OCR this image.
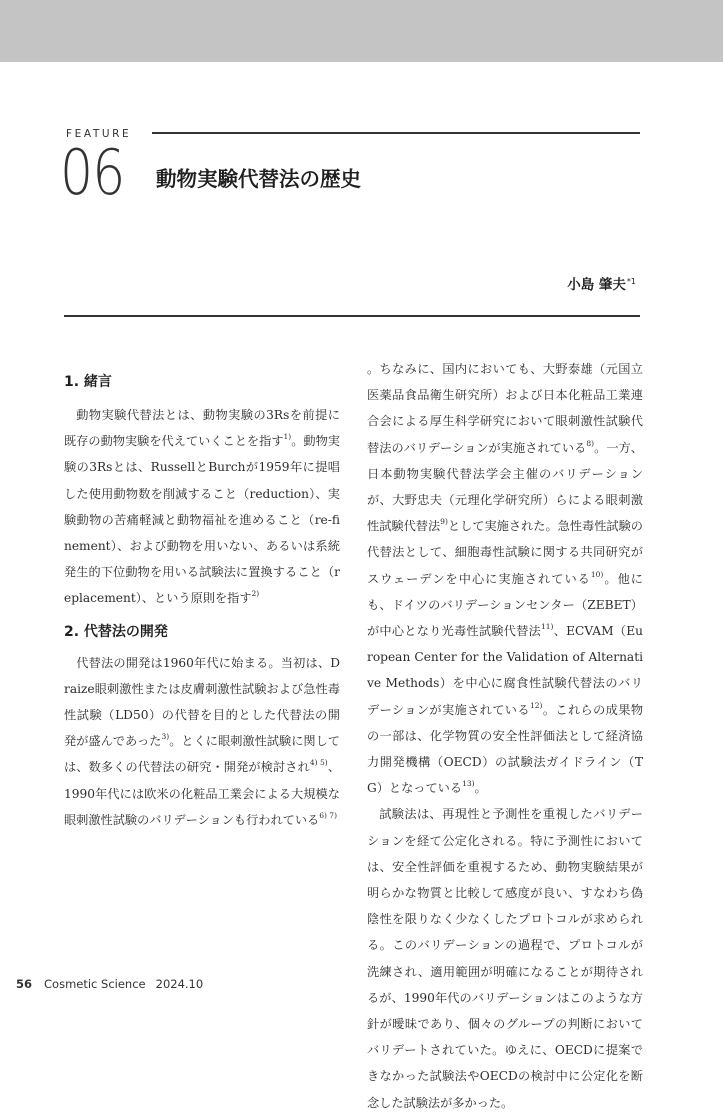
FEATURE
06 動物実験代替法の歴史
小島 肇夫$^{*1}$
1. 緒言

動物実験代替法とは、動物実験の3Rsを前提に既存の動物実験を代えていくことを指す$^{1)}$。動物実験の3Rsとは、RussellとBurchが1959年に提唱した使用動物数を削減すること（reduction）、実験動物の苦痛軽減と動物福祉を進めること（re-finement）、および動物を用いない、あるいは系統発生的下位動物を用いる試験法に置換すること（replacement）、という原則を指す$^{2)}$

2. 代替法の開発

代替法の開発は1960年代に始まる。当初は、Draize眼刺激性または皮膚刺激性試験および急性毒性試験（LD50）の代替を目的とした代替法の開発が盛んであった$^{3)}$。とくに眼刺激性試験に関しては、数多くの代替法の研究・開発が検討され$^{4) 5)}$、1990年代には欧米の化粧品工業会による大規模な眼刺激性試験のバリデーションも行われている$^{6) 7)}$

。ちなみに、国内においても、大野泰雄（元国立医薬品食品衛生研究所）および日本化粧品工業連合会による厚生科学研究において眼刺激性試験代替法のバリデーションが実施されている$^{8)}$。一方、日本動物実験代替法学会主催のバリデーションが、大野忠夫（元理化学研究所）らによる眼刺激性試験代替法$^{9)}$として実施された。急性毒性試験の代替法として、細胞毒性試験に関する共同研究がスウェーデンを中心に実施されている$^{10)}$。他にも、ドイツのバリデーションセンター（ZEBET）が中心となり光毒性試験代替法$^{11)}$、ECVAM（European Center for the Validation of Alternative Methods）を中心に腐食性試験代替法のバリデーションが実施されている$^{12)}$。これらの成果物の一部は、化学物質の安全性評価法として経済協力開発機構（OECD）の試験法ガイドライン（TG）となっている$^{13)}$。

試験法は、再現性と予測性を重視したバリデーションを経て公定化される。特に予測性においては、安全性評価を重視するため、動物実験結果が明らかな物質と比較して感度が良い、すなわち偽陰性を限りなく少なくしたプロトコルが求められる。このバリデーションの過程で、プロトコルが洗練され、適用範囲が明確になることが期待されるが、1990年代のバリデーションはこのような方針が曖昧であり、個々のグループの判断において バリデートされていた。ゆえに、OECDに提案できなかった試験法やOECDの検討中に公定化を断念した試験法が多かった。

56 Cosmetic Science 2024.10
